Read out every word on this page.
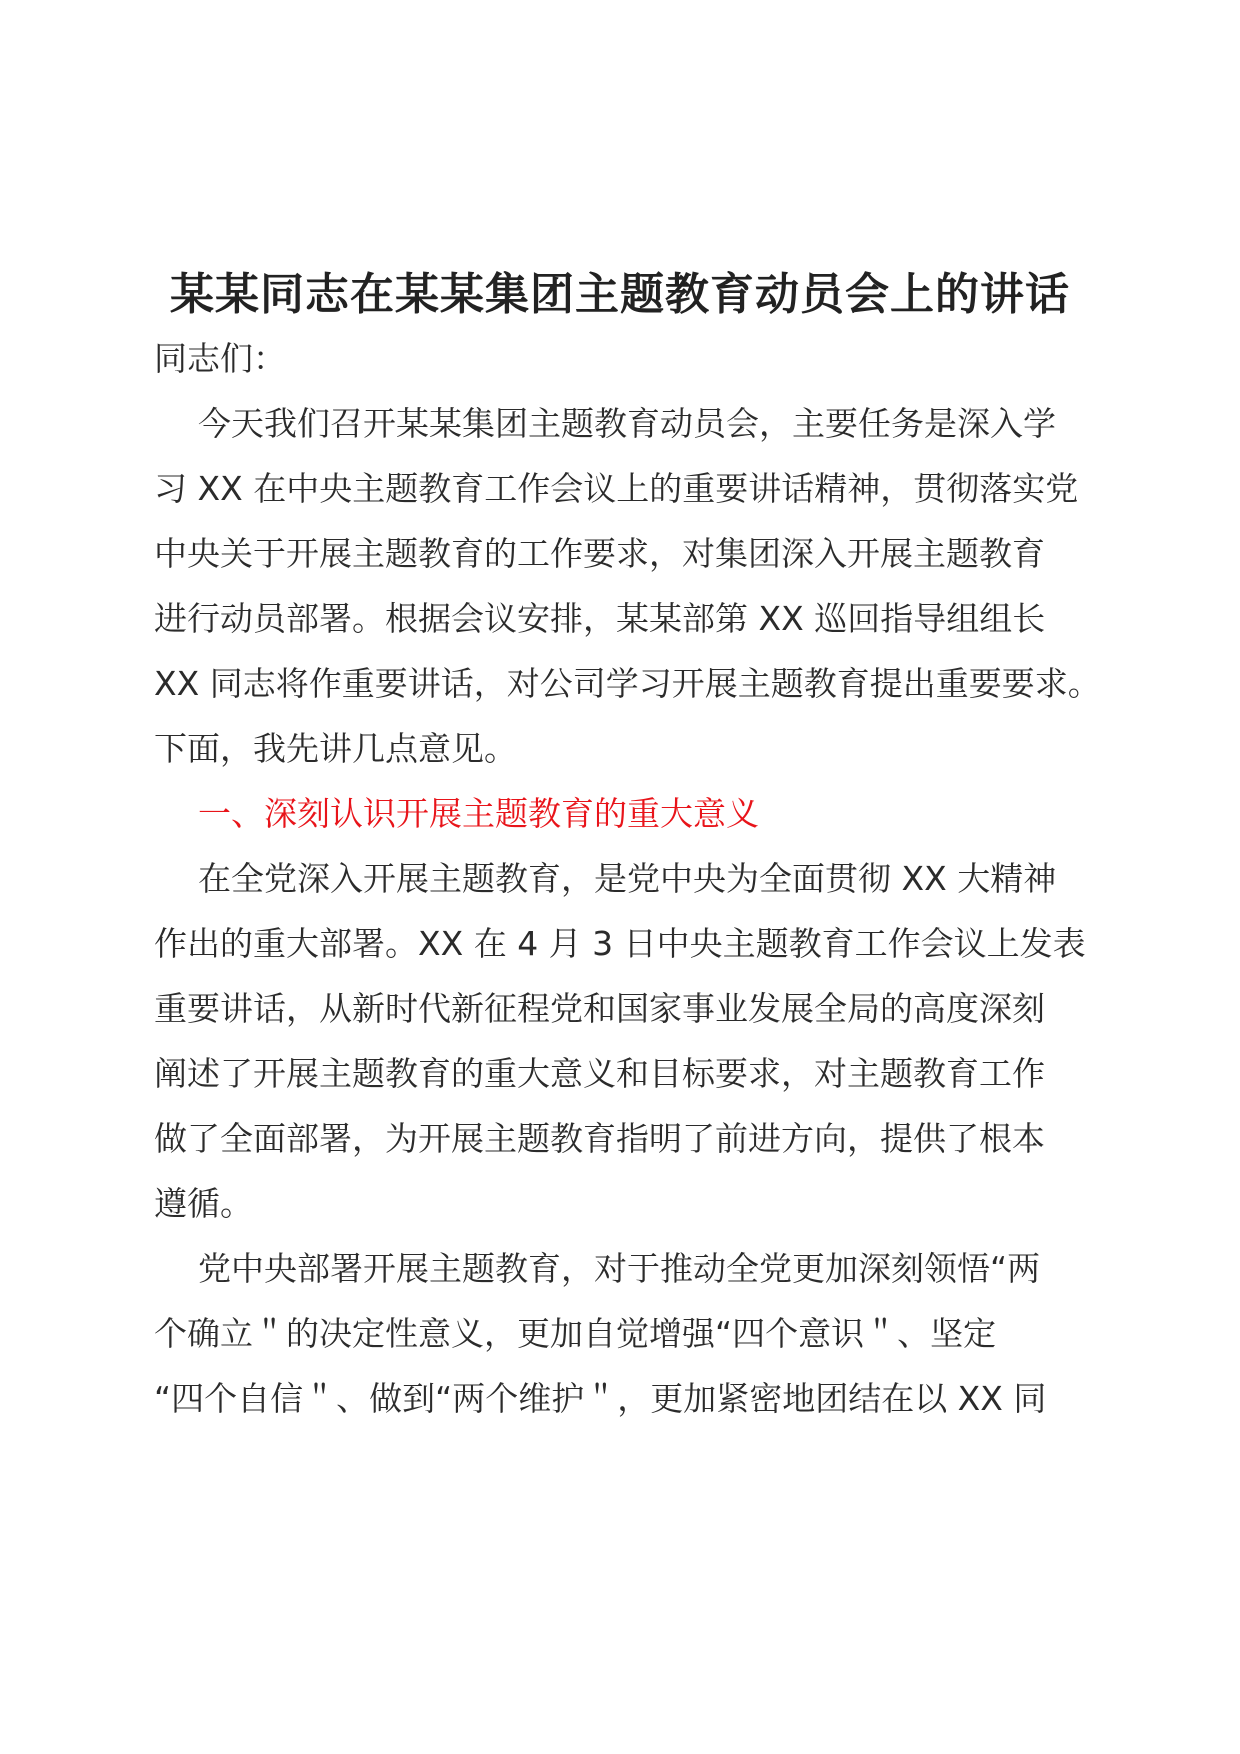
某某同志在某某集团主题教育动员会上的讲话

同志们：

今天我们召开某某集团主题教育动员会，主要任务是深入学
习 XX 在中央主题教育工作会议上的重要讲话精神，贯彻落实党
中央关于开展主题教育的工作要求，对集团深入开展主题教育
进行动员部署。根据会议安排，某某部第 XX 巡回指导组组长
XX 同志将作重要讲话，对公司学习开展主题教育提出重要要求。
下面，我先讲几点意见。

一、深刻认识开展主题教育的重大意义

在全党深入开展主题教育，是党中央为全面贯彻 XX 大精神
作出的重大部署。XX 在 4 月 3 日中央主题教育工作会议上发表
重要讲话，从新时代新征程党和国家事业发展全局的高度深刻
阐述了开展主题教育的重大意义和目标要求，对主题教育工作
做了全面部署，为开展主题教育指明了前进方向，提供了根本
遵循。

党中央部署开展主题教育，对于推动全党更加深刻领悟“两
个确立＂的决定性意义，更加自觉增强“四个意识＂、坚定
“四个自信＂、做到“两个维护＂，更加紧密地团结在以 XX 同
